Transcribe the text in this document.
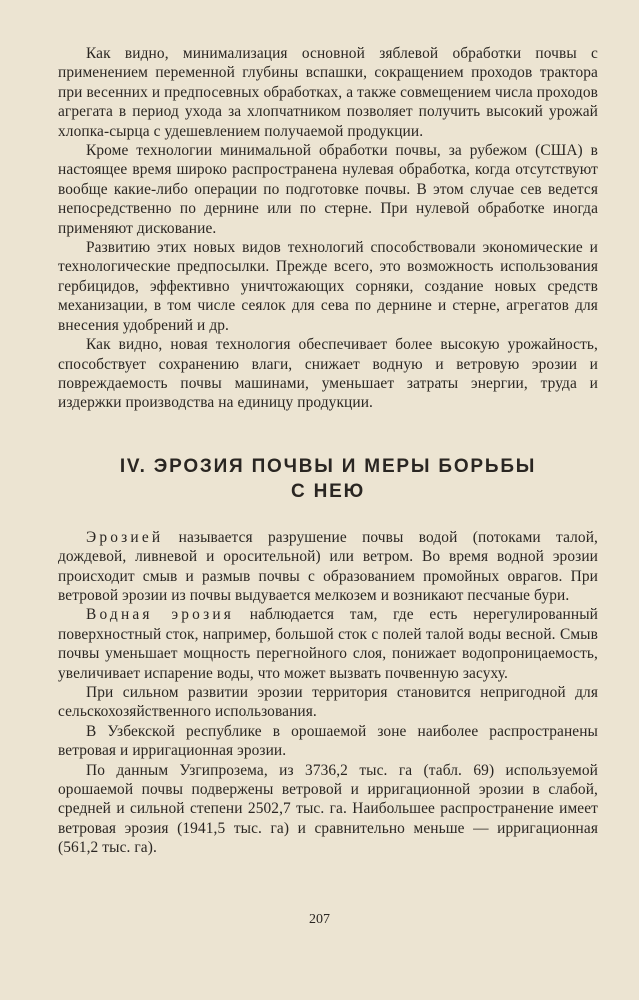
Как видно, минимализация основной зяблевой обработки почвы с применением переменной глубины вспашки, сокращением проходов трактора при весенних и предпосевных обработках, а также совмещением числа проходов агрегата в период ухода за хлопчатником позволяет получить высокий урожай хлопка-сырца с удешевлением получаемой продукции.

Кроме технологии минимальной обработки почвы, за рубежом (США) в настоящее время широко распространена нулевая обработка, когда отсутствуют вообще какие-либо операции по подготовке почвы. В этом случае сев ведется непосредственно по дернине или по стерне. При нулевой обработке иногда применяют дискование.

Развитию этих новых видов технологий способствовали экономические и технологические предпосылки. Прежде всего, это возможность использования гербицидов, эффективно уничтожающих сорняки, создание новых средств механизации, в том числе сеялок для сева по дернине и стерне, агрегатов для внесения удобрений и др.

Как видно, новая технология обеспечивает более высокую урожайность, способствует сохранению влаги, снижает водную и ветровую эрозии и повреждаемость почвы машинами, уменьшает затраты энергии, труда и издержки производства на единицу продукции.

IV. ЭРОЗИЯ ПОЧВЫ И МЕРЫ БОРЬБЫ
С НЕЮ

Эрозией называется разрушение почвы водой (потоками талой, дождевой, ливневой и оросительной) или ветром. Во время водной эрозии происходит смыв и размыв почвы с образованием промойных оврагов. При ветровой эрозии из почвы выдувается мелкозем и возникают песчаные бури.

Водная эрозия наблюдается там, где есть нерегулированный поверхностный сток, например, большой сток с полей талой воды весной. Смыв почвы уменьшает мощность перегнойного слоя, понижает водопроницаемость, увеличивает испарение воды, что может вызвать почвенную засуху.

При сильном развитии эрозии территория становится непригодной для сельскохозяйственного использования.

В Узбекской республике в орошаемой зоне наиболее распространены ветровая и ирригационная эрозии.

По данным Узгипрозема, из 3736,2 тыс. га (табл. 69) используемой орошаемой почвы подвержены ветровой и ирригационной эрозии в слабой, средней и сильной степени 2502,7 тыс. га. Наибольшее распространение имеет ветровая эрозия (1941,5 тыс. га) и сравнительно меньше — ирригационная (561,2 тыс. га).

207
